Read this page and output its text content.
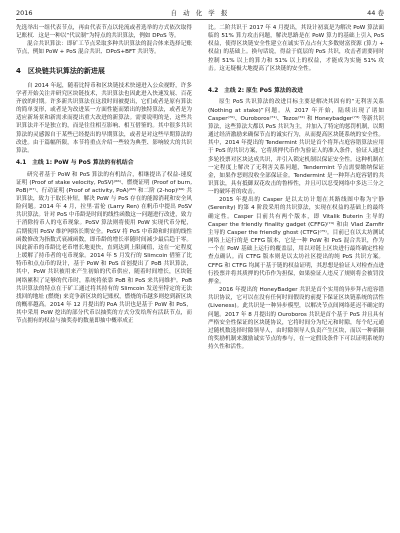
2016	自 动 化 学 报	44 卷

先选举出一组代表节点，再由代表节点以轮流或者选举的方式依次取得记账权．这是一种以“代议制”为特点的共识算法，例如 DPoS 等。

混合共识算法：即矿工节点采取多种共识算法的混合体来选择记账节点，例如 PoW + PoS 混合共识、DPoS+BFT 共识等。

4　区块链共识算法的新进展

自 2014 年起，随着比特币和区块链技术快速进入公众视野，许多学者开始关注并研究区块链技术，共识算法也因此进入快速发展、百花齐放的时期。许多新共识算法在这段时间被提出，它们或者是原有算法的简单变形，或者是为改进某一方面性能而繁出的独特算法，或者是为适应新场景和新需求而提出重大改进的新算法。需要说明的是，这些共识算法并不是独立的，而是往往相互影响、相互借鉴的。其中很多共识算法的灵感源自于某些已经提出的早期算法，或者是对这些早期算法的改进。由于篇幅所限，本节将重点介绍一些较为典型、影响较大的共识算法。

4.1　主线 1: PoW 与 PoS 算法的有机结合

研究者基于 PoW 和 PoS 算法的有机结合，相继提出了权益-速度证明 (Proof of stake velocity, PoSV)⁽⁶⁶⁾、燃烧证明 (Proof of burn, PoB)⁽⁶⁷⁾、行动证明 (Proof of activity, PoA)⁽⁶⁸⁾ 和二阶 (2-hop)⁽⁶⁹⁾ 共识算法，致力于取长补短，解决 PoW 与 PoS 存在的能源消耗和安全风险问题。2014 年 4 月，拉里·雷伦 (Larry Ren) 在帆币中提出 PoSV 共识算法。针对 PoS 中币龄是时间的线性函数这一问题进行改进，致力于消除持币人的屯币现象。PoSV 算法则将使用 PoW 实现代币分配，后期使用 PoSV 维护网络长期安全。PoSV 将 PoS 中币龄和时间的线性函数修改为指数式衰减函数，即币龄的增长率随时间减少最后趋于零。因此新币的币龄比老币增长地更快，直到达到上限阈值，这在一定程度上缓解了持币者的屯币现象。2014 年 5 月发行的 Slimcoin 借鉴了比特币和点点币的设计，基于 PoW 和 PoS 首创提出了 PoB 共识算法，其中，PoW 共识被用来产生初始的代币供应，随着时间增长，区块链网络累积了足够的代币时，系统将依靠 PoB 和 PoS 来共同维护。PoB 共识算法的特点在于矿工通过将其持有的 Slimcoin 发送至特定的无法找回的地址 (燃烧) 来竞争新区块的记账权，燃烧的币越多则挖到新区块的概率越高。2014 年 12 月提出的 PoA 共识也是基于 PoW 和 PoS，其中采用 PoW 挖出的部分代币以抽奖的方式分发给所有活跃节点，而节点拥有的权益与抽奖券的数量即抽中概率成正

比。二阶共识于 2017 年 4 月提出，其设计初衷是为解决 PoW 算法面临的 51% 算力攻击问题，解决思路是在 PoW 算力的基础上引入 PoS 权益，使得区块链安全性建立在诚实节点占有大多数财富资源 (算力 + 权益) 的基础上。换句话说，得益于底层的 PoS 共识，攻击者需要同时控制 51% 以上的算力和 51% 以上的权益，才能成为实施 51% 攻击。这无疑极大地提高了区块链的安全性。

4.2　主线 2: 原生 PoS 算法的改进

原生 PoS 共识算法的改进目标主要是解决其固有的“无利害关系 (Nothing at stake)”问题。从 2017 年开始，陆续出现了诸如 Casper⁽⁷⁰⁾、Ouroboros⁽⁷¹⁾、Tezos⁽⁷²⁾ 和 Honeybadger⁽⁷³⁾ 等新共识算法，这些算法大都以 PoS 共识为主，并加入了特定的惩罚机制，以期通过经济激励来确保节点的诚实行为，从而提高区块链系统的安全性。其中，2014 年提出的 Tendermint 共识是首个将拜占庭容错算法应用于 PoS 的共识方案，它将质押代币作为验证人的准入条件，验证人通过多轮投票对区块达成共识，并引入锁定机制以保证安全性。这种机制在一定程度上解决了无利害关系问题，Tendermint 节点需要缴纳保证金，如果作恶则没收全部保证金。Tendermint 是一种拜占庭容错的共识算法，具有抵御双花攻击的鲁棒性，并且可以忍受网络中多达三分之一的破坏者的攻击。

2015 年提出的 Casper 是以太坊计划在其路线图中称为宁静 (Serenity) 的第 4 阶段采用的共识算法，实现在权益的基础上的最终确定性。Casper 目前共有两个版本，即 Vitalik Buterin 主导的 Casper the friendly finality gadget (CFFG)⁽⁷⁴⁾ 和由 Vlad Zamfir 主导的 Casper the friendly ghost (CTFG)⁽⁷⁵⁾。目前已在以太坊测试网络上运行的是 CFFG 版本，它是一种 PoW 和 PoS 混合共识，作为一个在 PoW 基础上运行的覆盖层，用以对链上区块进行最终确定性检查点确认。而 CTFG 版本则是以太坊社区提出的纯 PoS 共识方案。CFFG 和 CTFG 均属于基于链的权益证明，其思想是验证人对检查点进行投票并将其质押的代币作为担保，如果验证人违反了规则将会被罚没押金。

2016 年提出的 HoneyBadger 共识是首个实用的异步拜占庭容错共识协议，它可以在没有任何时间假设的前提下保证区块链系统的活性 (Liveness)。此共识是一种异步模型，以解决节点间网络延迟不确定的问题。2017 年 8 月提出的 Ouroboros 共识是首个基于 PoS 并且具有严格安全性保证的区块链协议，它将时间分为纪元和时隙，每个纪元通过随机数选择时隙领导人，由时隙领导人负责产生区块，而以一种新颖的奖励机制来激励诚实节点的参与，在一定假设条件下可以证明系统的持久性和活性。
